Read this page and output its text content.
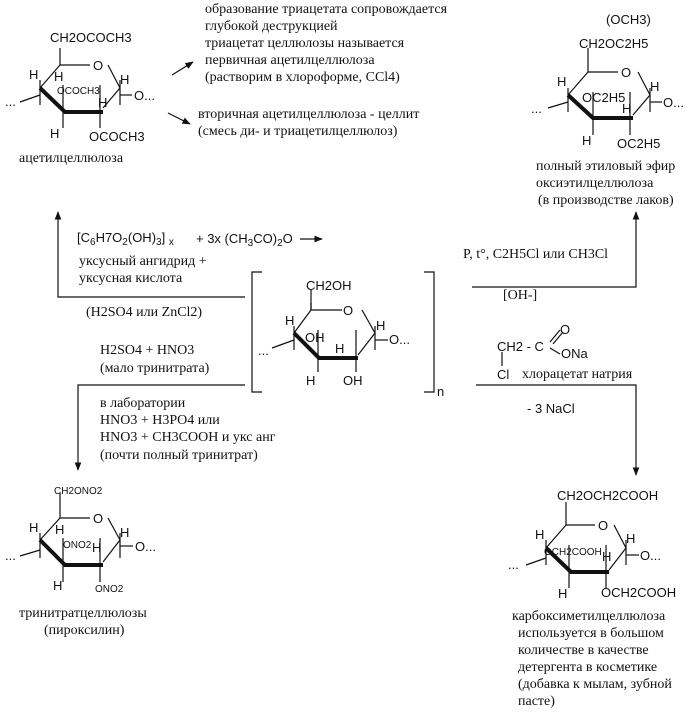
$[C_6H7O_2(OH)_3] _x + 3x$ $(CH_3CO)_2O$
CH2OH
O
H	H
OH
H
H OH
...
O...
n
уксусный ангидрид +
уксусная кислота
(H2SO4 или ZnCl2)
CH2OCOCH3
O
H H	H
OCOCH3
H
H OCOCH3
...	O...
ацетилцеллюлоза
образование триацетата сопровождается
глубокой деструкцией
триацетат целлюлозы называется
первичная ацетилцеллюлоза
(растворим в хлороформе, CCl4)
вторичная ацетилцеллюлоза - целлит
(смесь ди- и триацетилцеллюлоз)
P, t°, C2H5Cl или CH3Cl
[OH-]
(OCH3)
CH2OC2H5
O
H	H
OC2H5
H
H OC2H5
...	O...
полный этиловый эфир
оксиэтилцеллюлоза
(в производстве лаков)
H2SO4 + HNO3
(мало тринитрата)
в лаборатории
HNO3 + H3PO4 или
HNO3 + CH3COOH и укс анг
(почти полный тринитрат)
CH2ONO2
O
H H	H
ONO2 H
H	ONO2
...
O...
тринитратцеллюлозы
(пироксилин)
CH2 - C
O
ONa
Cl хлорацетат натрия
- 3 NaCl
CH2OCH2COOH
O
H	H
OCH2COOH H
H	OCH2COOH
...
O...
карбоксиметилцеллюлоза
используется в большом
количестве в качестве
детергента в косметике
(добавка к мылам, зубной
пасте)
